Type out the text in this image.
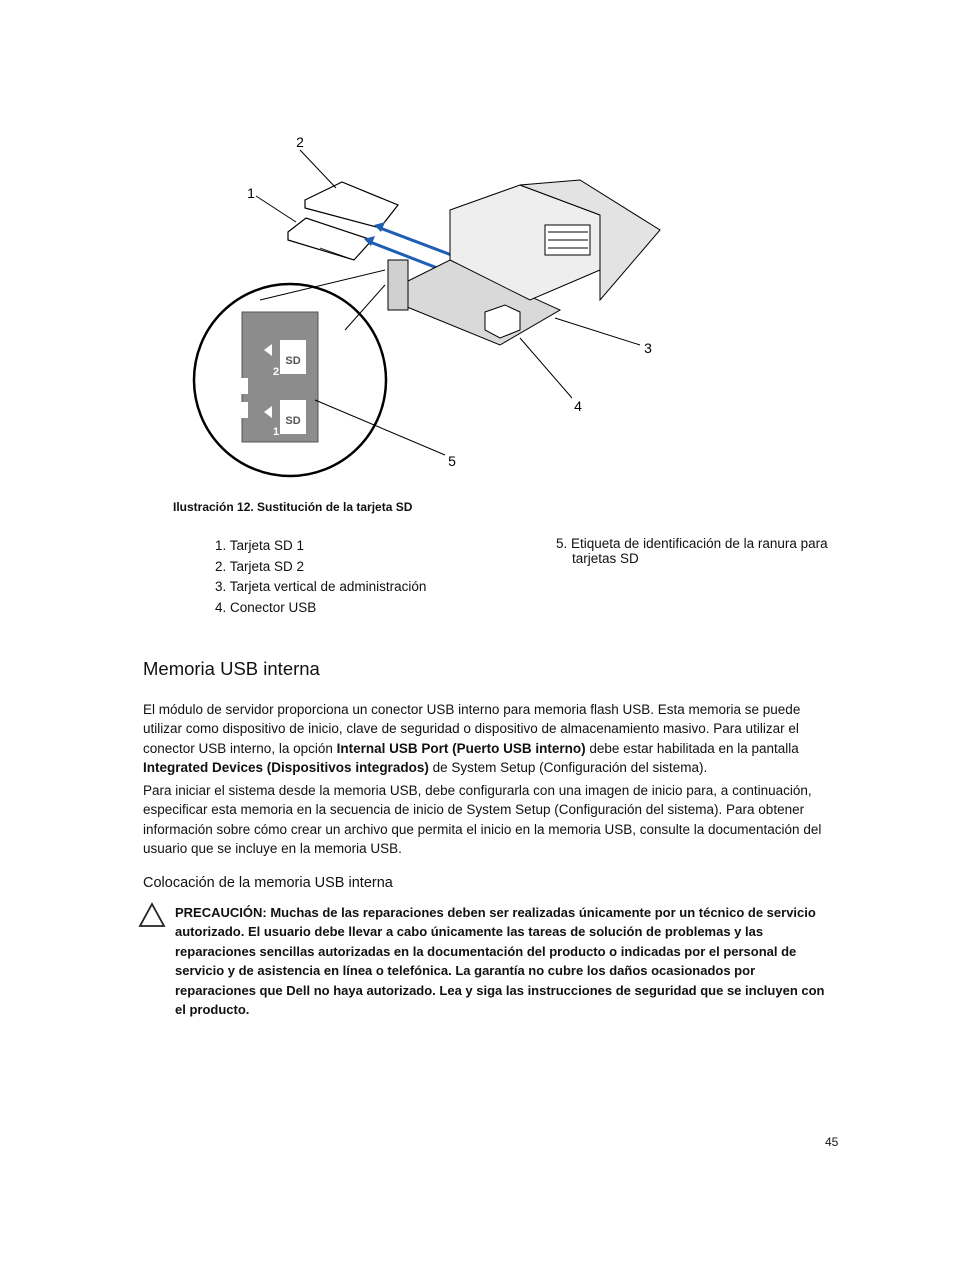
SD
SD
2
1
2
1
3
4
5
Ilustración 12. Sustitución de la tarjeta SD
1. Tarjeta SD 1
2. Tarjeta SD 2
3. Tarjeta vertical de administración
4. Conector USB
5. Etiqueta de identificación de la ranura para tarjetas SD
Memoria USB interna

El módulo de servidor proporciona un conector USB interno para memoria flash USB. Esta memoria se puede utilizar como dispositivo de inicio, clave de seguridad o dispositivo de almacenamiento masivo. Para utilizar el conector USB interno, la opción Internal USB Port (Puerto USB interno) debe estar habilitada en la pantalla Integrated Devices (Dispositivos integrados) de System Setup (Configuración del sistema).

Para iniciar el sistema desde la memoria USB, debe configurarla con una imagen de inicio para, a continuación, especificar esta memoria en la secuencia de inicio de System Setup (Configuración del sistema). Para obtener información sobre cómo crear un archivo que permita el inicio en la memoria USB, consulte la documentación del usuario que se incluye en la memoria USB.

Colocación de la memoria USB interna

PRECAUCIÓN: Muchas de las reparaciones deben ser realizadas únicamente por un técnico de servicio autorizado. El usuario debe llevar a cabo únicamente las tareas de solución de problemas y las reparaciones sencillas autorizadas en la documentación del producto o indicadas por el personal de servicio y de asistencia en línea o telefónica. La garantía no cubre los daños ocasionados por reparaciones que Dell no haya autorizado. Lea y siga las instrucciones de seguridad que se incluyen con el producto.

45
